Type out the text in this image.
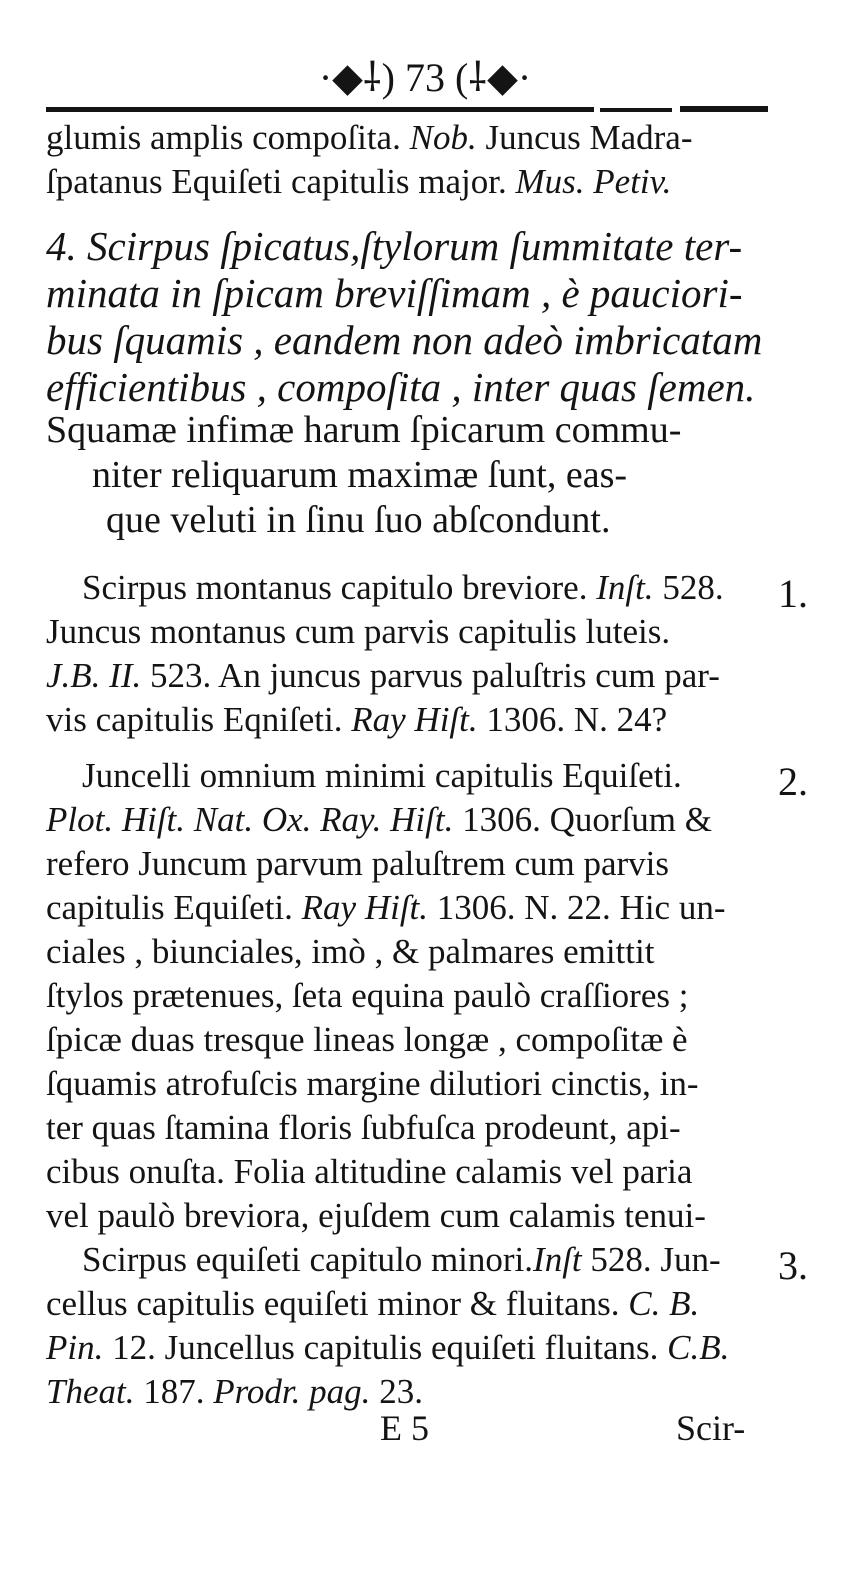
·◆⸸) 73 (⸸◆·
glumis amplis compoſita. Nob. Juncus Madra-
ſpatanus Equiſeti capitulis major. Mus. Petiv.
4. Scirpus ſpicatus,ſtylorum ſummitate ter-
minata in ſpicam breviſſimam , è pauciori-
bus ſquamis , eandem non adeò imbricatam
efficientibus , compoſita , inter quas ſemen.
Squamæ infimæ harum ſpicarum commu-
niter reliquarum maximæ ſunt, eas-
que veluti in ſinu ſuo abſcondunt.
Scirpus montanus capitulo breviore. Inſt. 528. 1.
Juncus montanus cum parvis capitulis luteis.
J.B. II. 523. An juncus parvus paluſtris cum par-
vis capitulis Eqniſeti. Ray Hiſt. 1306. N. 24?
Juncelli omnium minimi capitulis Equiſeti. 2.
Plot. Hiſt. Nat. Ox. Ray. Hiſt. 1306. Quorſum &
refero Juncum parvum paluſtrem cum parvis
capitulis Equiſeti. Ray Hiſt. 1306. N. 22. Hic un-
ciales , biunciales, imò , & palmares emittit
ſtylos prætenues, ſeta equina paulò craſſiores ;
ſpicæ duas tresque lineas longæ , compoſitæ è
ſquamis atrofuſcis margine dilutiori cinctis, in-
ter quas ſtamina floris ſubfuſca prodeunt, api-
cibus onuſta. Folia altitudine calamis vel paria
vel paulò breviora, ejuſdem cum calamis tenui-
Scirpus equiſeti capitulo minori.Inſt 528. Jun- 3.
cellus capitulis equiſeti minor & fluitans. C. B.
Pin. 12. Juncellus capitulis equiſeti fluitans. C.B.
Theat. 187. Prodr. pag. 23.
E 5	Scir-
